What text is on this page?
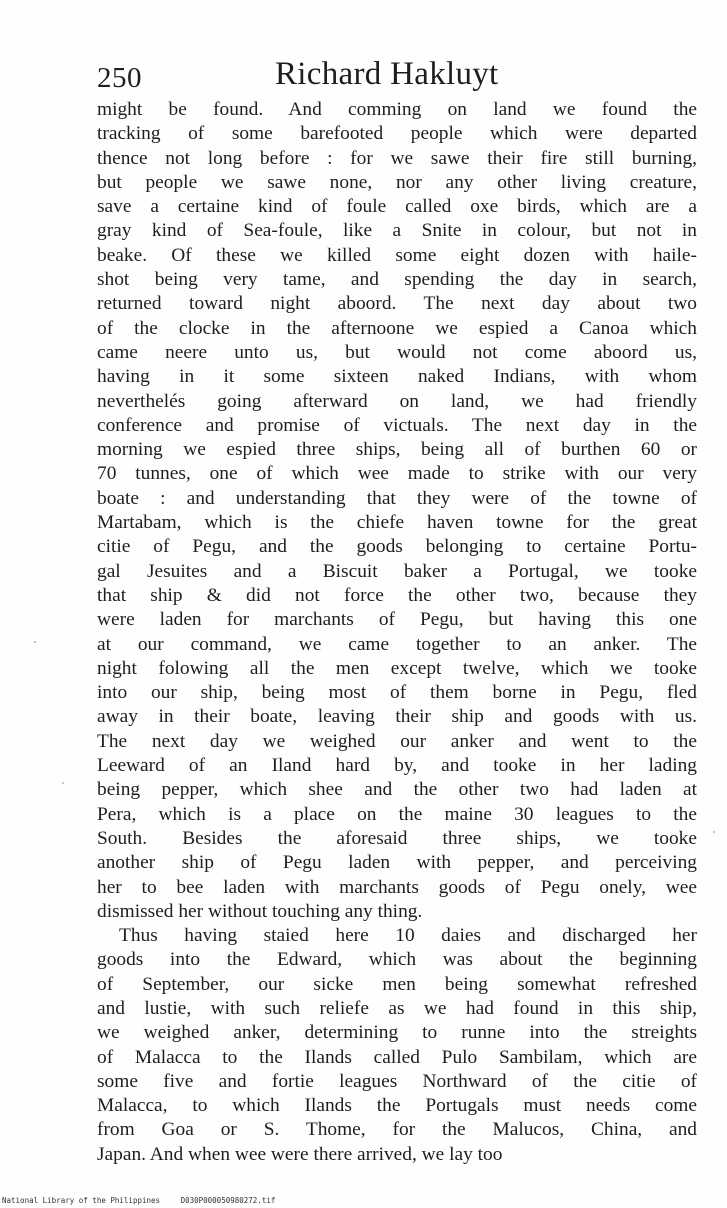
250	Richard Hakluyt
might be found. And comming on land we found the
tracking of some barefooted people which were departed
thence not long before : for we sawe their fire still burning,
but people we sawe none, nor any other living creature,
save a certaine kind of foule called oxe birds, which are a
gray kind of Sea-foule, like a Snite in colour, but not in
beake. Of these we killed some eight dozen with haile-
shot being very tame, and spending the day in search,
returned toward night aboord. The next day about two
of the clocke in the afternoone we espied a Canoa which
came neere unto us, but would not come aboord us,
having in it some sixteen naked Indians, with whom
neverthelés going afterward on land, we had friendly
conference and promise of victuals. The next day in the
morning we espied three ships, being all of burthen 60 or
70 tunnes, one of which wee made to strike with our very
boate : and understanding that they were of the towne of
Martabam, which is the chiefe haven towne for the great
citie of Pegu, and the goods belonging to certaine Portu-
gal Jesuites and a Biscuit baker a Portugal, we tooke
that ship & did not force the other two, because they
were laden for marchants of Pegu, but having this one
at our command, we came together to an anker. The
night folowing all the men except twelve, which we tooke
into our ship, being most of them borne in Pegu, fled
away in their boate, leaving their ship and goods with us.
The next day we weighed our anker and went to the
Leeward of an Iland hard by, and tooke in her lading
being pepper, which shee and the other two had laden at
Pera, which is a place on the maine 30 leagues to the
South. Besides the aforesaid three ships, we tooke
another ship of Pegu laden with pepper, and perceiving
her to bee laden with marchants goods of Pegu onely, wee
dismissed her without touching any thing.
Thus having staied here 10 daies and discharged her
goods into the Edward, which was about the beginning
of September, our sicke men being somewhat refreshed
and lustie, with such reliefe as we had found in this ship,
we weighed anker, determining to runne into the streights
of Malacca to the Ilands called Pulo Sambilam, which are
some five and fortie leagues Northward of the citie of
Malacca, to which Ilands the Portugals must needs come
from Goa or S. Thome, for the Malucos, China, and
Japan. And when wee were there arrived, we lay too
National Library of the Philippines	D030P000050980272.tif
